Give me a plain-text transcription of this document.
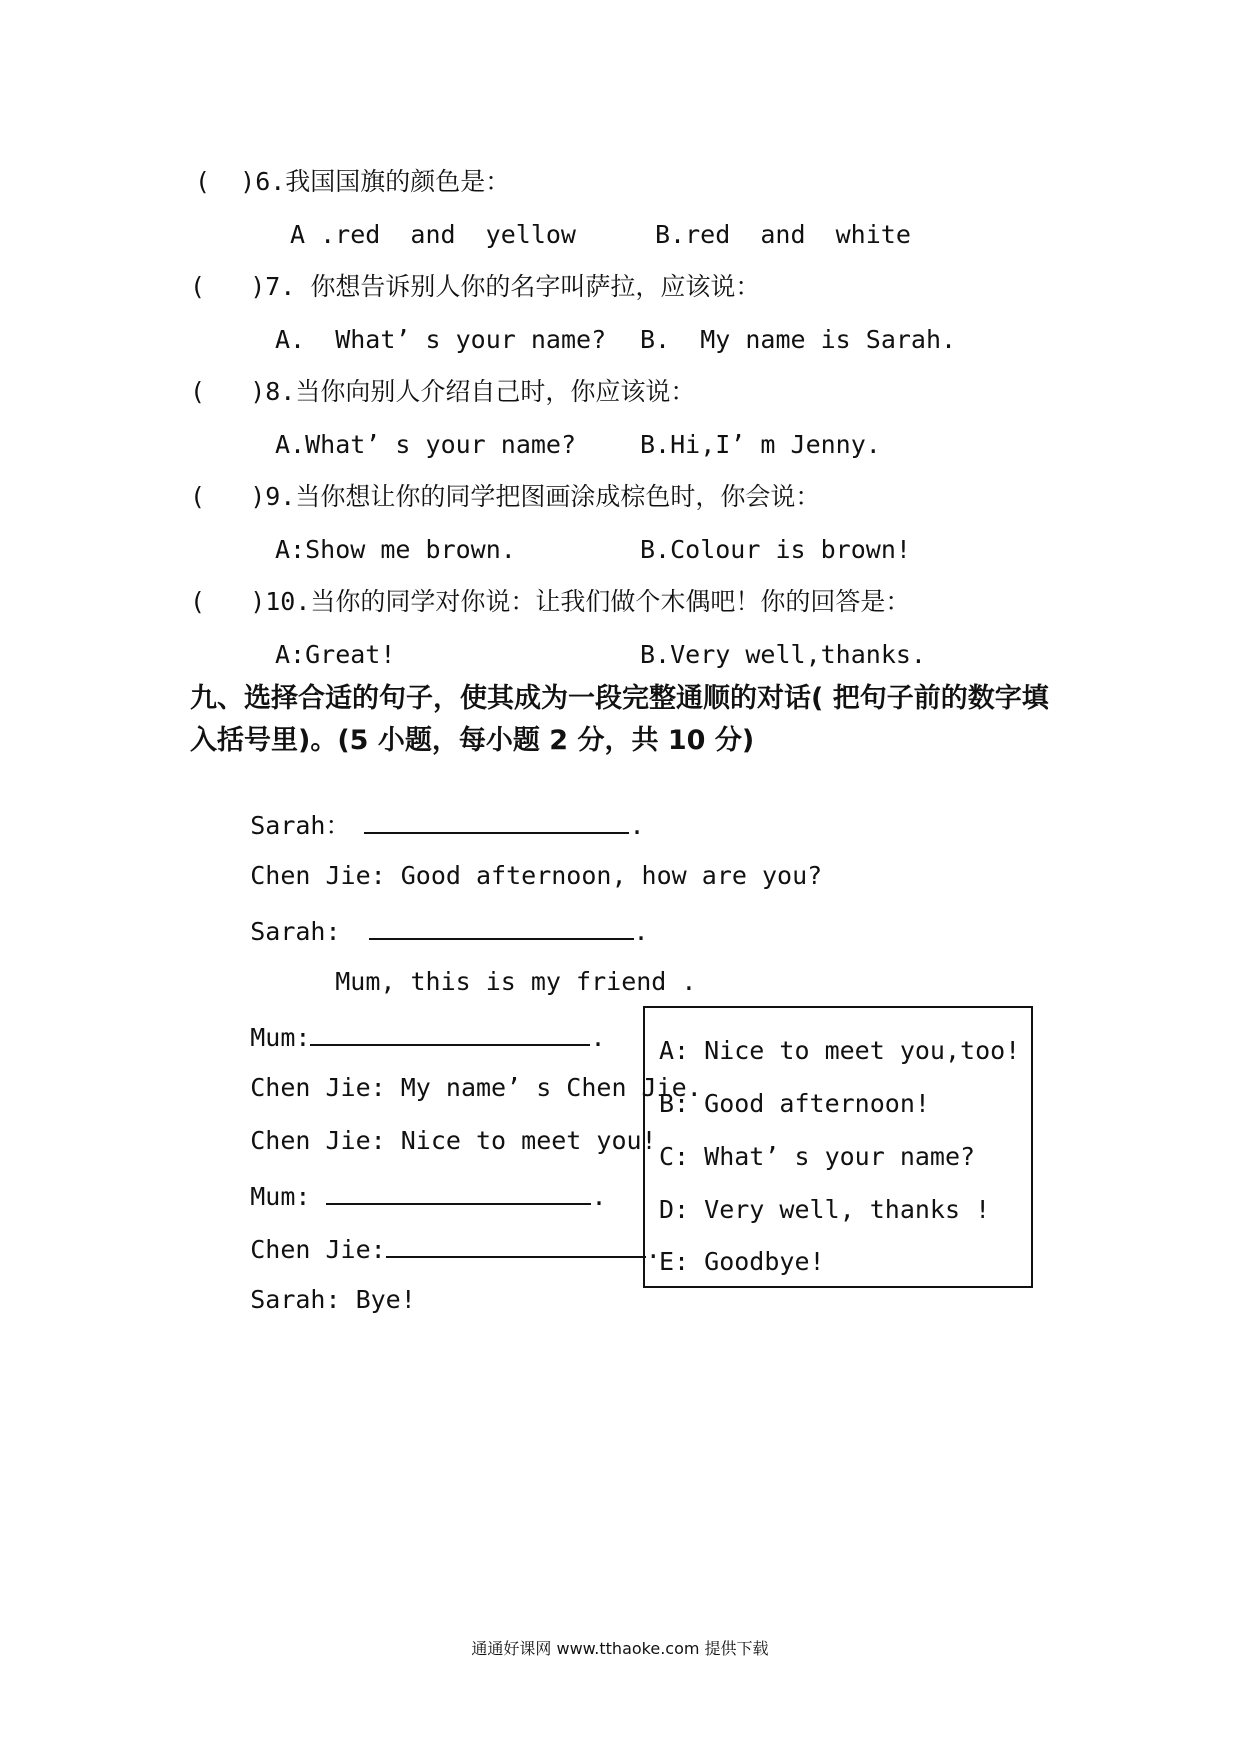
(  )6.我国国旗的颜色是：
A .red  and  yellow	B.red  and  white
(   )7. 你想告诉别人你的名字叫萨拉，应该说：
A.  What’ s your name? B.  My name is Sarah.
(   )8.当你向别人介绍自己时，你应该说：
A.What’ s your name?	B.Hi,I’ m Jenny.
(   )9.当你想让你的同学把图画涂成棕色时，你会说：
A:Show me brown.	B.Colour is brown!
(   )10.当你的同学对你说：让我们做个木偶吧！你的回答是：
A:Great!	B.Very well,thanks.
九、选择合适的句子，使其成为一段完整通顺的对话( 把句子前的数字填入括号里)。(5 小题，每小题 2 分，共 10 分)

Sarah：	.

Chen Jie: Good afternoon, how are you?

Sarah:	.

Mum, this is my friend .

Mum:	.

Chen Jie: My name’ s Chen Jie.

Chen Jie: Nice to meet you!

Mum:	.

Chen Jie:	.

Sarah: Bye!

A: Nice to meet you,too!
B: Good afternoon!
C: What’ s your name?
D: Very well, thanks !
E: Goodbye!
通通好课网 www.tthaoke.com 提供下载
